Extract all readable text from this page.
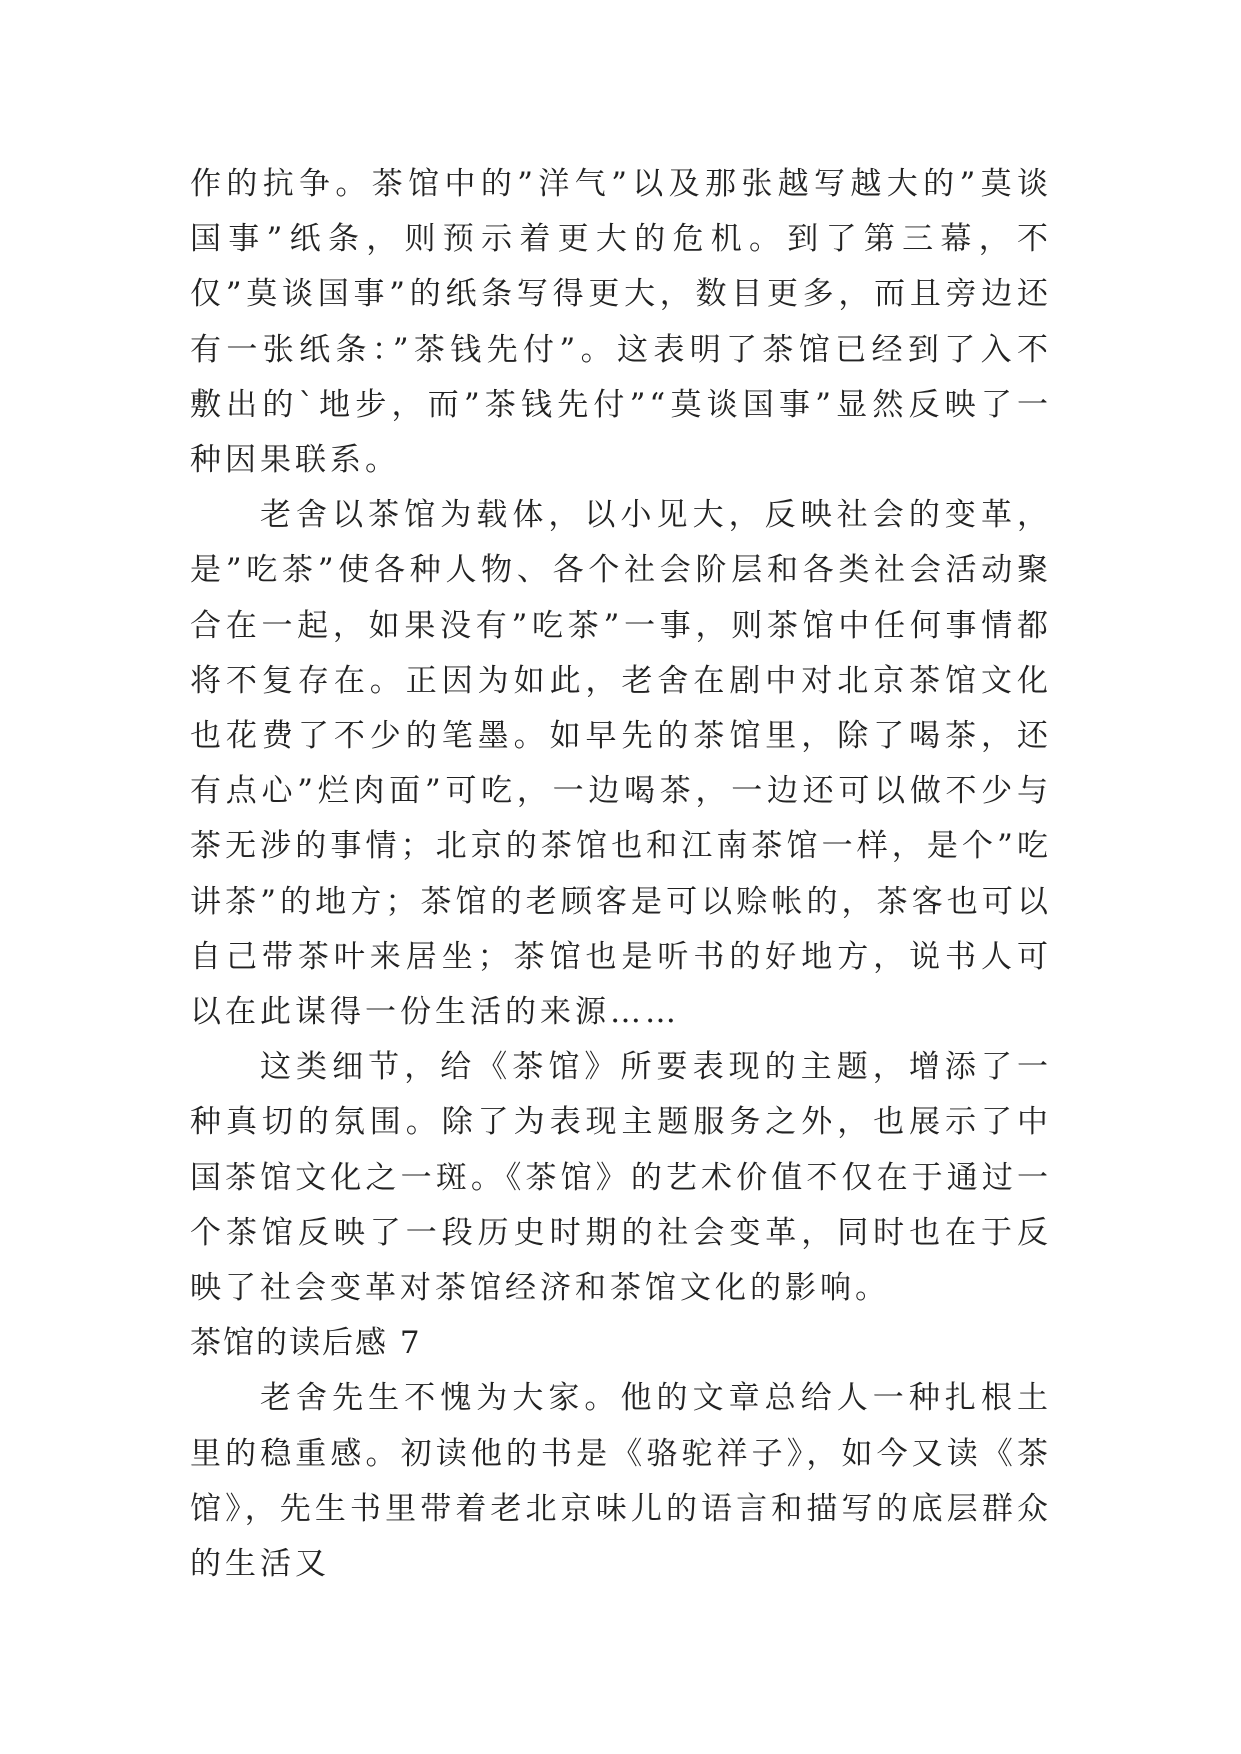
作的抗争。茶馆中的”洋气”以及那张越写越大的”莫谈国事”纸条，则预示着更大的危机。到了第三幕，不仅”莫谈国事”的纸条写得更大，数目更多，而且旁边还有一张纸条：”茶钱先付”。这表明了茶馆已经到了入不敷出的`地步，而”茶钱先付”“莫谈国事”显然反映了一种因果联系。

老舍以茶馆为载体，以小见大，反映社会的变革，是”吃茶”使各种人物、各个社会阶层和各类社会活动聚合在一起，如果没有”吃茶”一事，则茶馆中任何事情都将不复存在。正因为如此，老舍在剧中对北京茶馆文化也花费了不少的笔墨。如早先的茶馆里，除了喝茶，还有点心”烂肉面”可吃，一边喝茶，一边还可以做不少与茶无涉的事情；北京的茶馆也和江南茶馆一样，是个”吃讲茶”的地方；茶馆的老顾客是可以赊帐的，茶客也可以自己带茶叶来居坐；茶馆也是听书的好地方，说书人可以在此谋得一份生活的来源……

这类细节，给《茶馆》所要表现的主题，增添了一种真切的氛围。除了为表现主题服务之外，也展示了中国茶馆文化之一斑。《茶馆》的艺术价值不仅在于通过一个茶馆反映了一段历史时期的社会变革，同时也在于反映了社会变革对茶馆经济和茶馆文化的影响。

茶馆的读后感 7

老舍先生不愧为大家。他的文章总给人一种扎根土里的稳重感。初读他的书是《骆驼祥子》，如今又读《茶馆》，先生书里带着老北京味儿的语言和描写的底层群众的生活又
